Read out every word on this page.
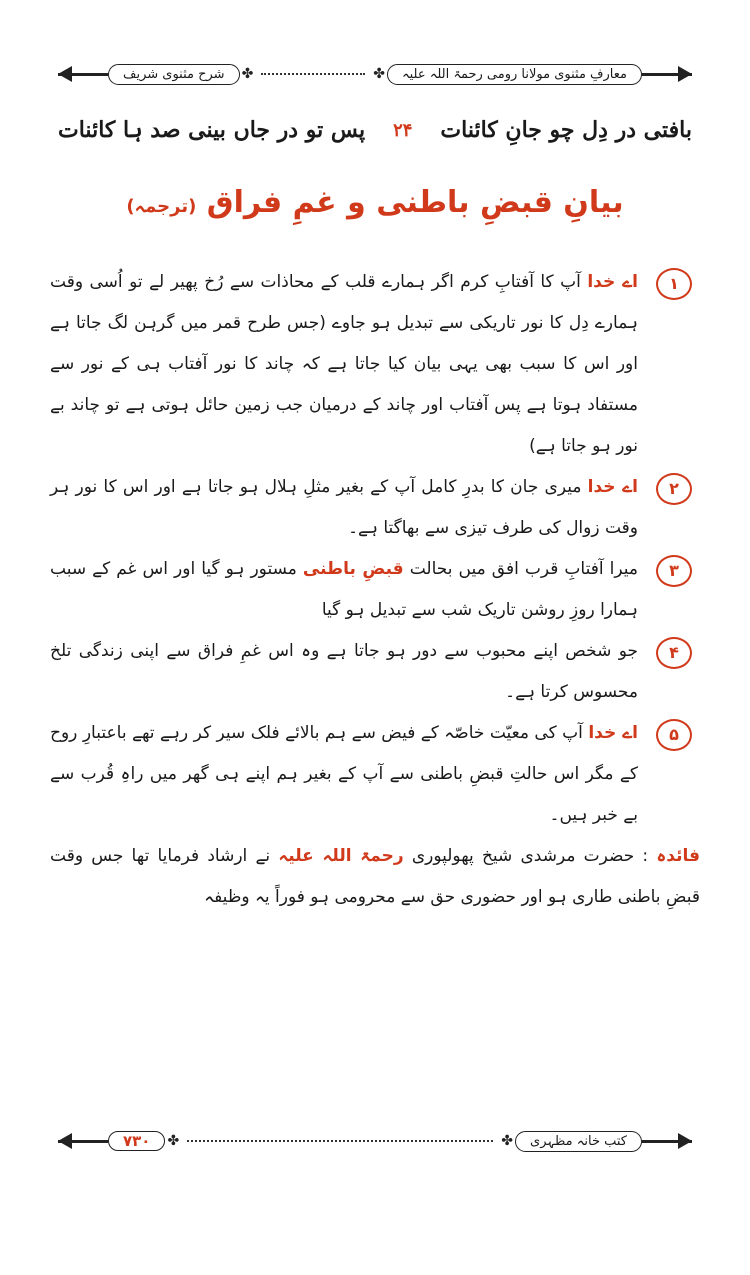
شرح مثنوی شریف	✤	✤	معارفِ مثنوی مولانا رومی رحمۃ اللہ علیہ
بافتی در دِل چو جانِ کائنات
۲۴
پس تو در جاں بینی صد ہا کائنات
بیانِ قبضِ باطنی و غمِ فراق (ترجمہ)

۱
اے خدا آپ کا آفتابِ کرم اگر ہمارے قلب کے محاذات سے رُخ پھیر لے تو اُسی وقت ہمارے دِل کا نور تاریکی سے تبدیل ہو جاوے (جس طرح قمر میں گرہن لگ جاتا ہے اور اس کا سبب بھی یہی بیان کیا جاتا ہے کہ چاند کا نور آفتاب ہی کے نور سے مستفاد ہوتا ہے پس آفتاب اور چاند کے درمیان جب زمین حائل ہوتی ہے تو چاند بے نور ہو جاتا ہے)

۲
اے خدا میری جان کا بدرِ کامل آپ کے بغیر مثلِ ہلال ہو جاتا ہے اور اس کا نور ہر وقت زوال کی طرف تیزی سے بھاگتا ہے۔

۳
میرا آفتابِ قرب افق میں بحالت قبضِ باطنی مستور ہو گیا اور اس غم کے سبب ہمارا روزِ روشن تاریک شب سے تبدیل ہو گیا

۴
جو شخص اپنے محبوب سے دور ہو جاتا ہے وہ اس غمِ فراق سے اپنی زندگی تلخ محسوس کرتا ہے۔

۵
اے خدا آپ کی معیّت خاصّہ کے فیض سے ہم بالائے فلک سیر کر رہے تھے باعتبارِ روح کے مگر اس حالتِ قبضِ باطنی سے آپ کے بغیر ہم اپنے ہی گھر میں راہِ قُرب سے بے خبر ہیں۔

فائدہ : حضرت مرشدی شیخ پھولپوری رحمۃ اللہ علیہ نے ارشاد فرمایا تھا جس وقت قبضِ باطنی طاری ہو اور حضوری حق سے محرومی ہو فوراً یہ وظیفہ

۷۳۰	✤	✤	کتب خانہ مظہری
